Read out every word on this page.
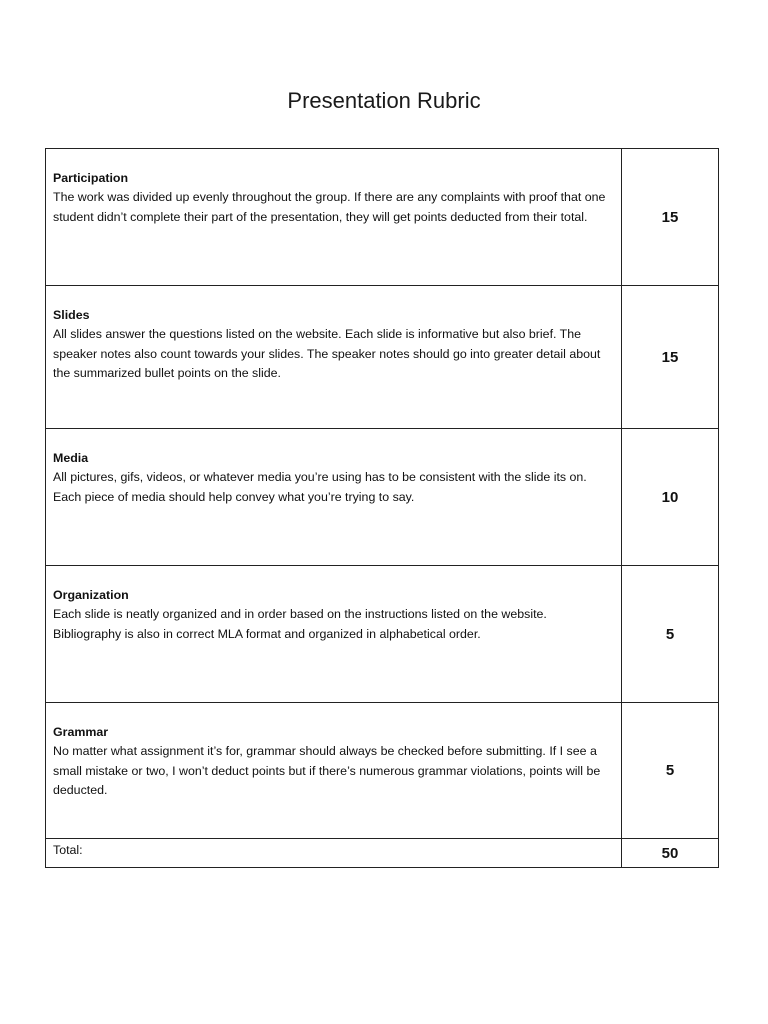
Presentation Rubric
Participation
The work was divided up evenly throughout the group. If there are any complaints with proof that one student didn’t complete their part of the presentation, they will get points deducted from their total.	15

Slides
All slides answer the questions listed on the website. Each slide is informative but also brief. The speaker notes also count towards your slides. The speaker notes should go into greater detail about the summarized bullet points on the slide.	15

Media
All pictures, gifs, videos, or whatever media you’re using has to be consistent with the slide its on. Each piece of media should help convey what you’re trying to say.	10

Organization
Each slide is neatly organized and in order based on the instructions listed on the website. Bibliography is also in correct MLA format and organized in alphabetical order.	5

Grammar
No matter what assignment it’s for, grammar should always be checked before submitting. If I see a small mistake or two, I won’t deduct points but if there’s numerous grammar violations, points will be deducted.	5
Total:	50
